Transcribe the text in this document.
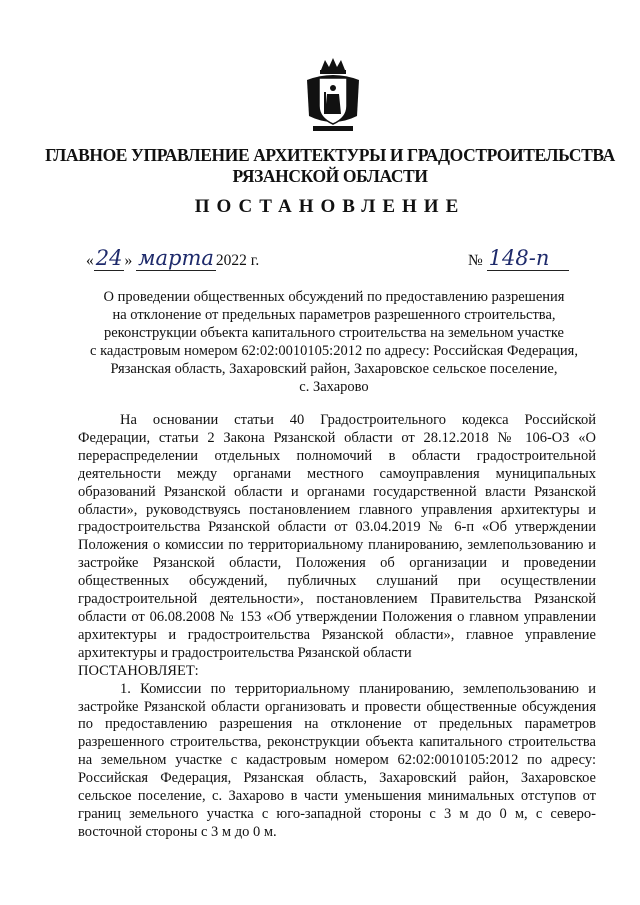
ГЛАВНОЕ УПРАВЛЕНИЕ АРХИТЕКТУРЫ И ГРАДОСТРОИТЕЛЬСТВА
РЯЗАНСКОЙ ОБЛАСТИ
ПОСТАНОВЛЕНИЕ
«24 » марта 2022 г.	№ 148-п
О проведении общественных обсуждений по предоставлению разрешения
на отклонение от предельных параметров разрешенного строительства,
реконструкции объекта капитального строительства на земельном участке
с кадастровым номером 62:02:0010105:2012 по адресу: Российская Федерация,
Рязанская область, Захаровский район, Захаровское сельское поселение,
с. Захарово

На основании статьи 40 Градостроительного кодекса Российской Федерации, статьи 2 Закона Рязанской области от 28.12.2018 № 106-ОЗ «О перераспределении отдельных полномочий в области градостроительной деятельности между органами местного самоуправления муниципальных образований Рязанской области и органами государственной власти Рязанской области», руководствуясь постановлением главного управления архитектуры и градостроительства Рязанской области от 03.04.2019 № 6-п «Об утверждении Положения о комиссии по территориальному планированию, землепользованию и застройке Рязанской области, Положения об организации и проведении общественных обсуждений, публичных слушаний при осуществлении градостроительной деятельности», постановлением Правительства Рязанской области от 06.08.2008 № 153 «Об утверждении Положения о главном управлении архитектуры и градостроительства Рязанской области», главное управление архитектуры и градостроительства Рязанской области

ПОСТАНОВЛЯЕТ:

1. Комиссии по территориальному планированию, землепользованию и застройке Рязанской области организовать и провести общественные обсуждения по предоставлению разрешения на отклонение от предельных параметров разрешенного строительства, реконструкции объекта капитального строительства на земельном участке с кадастровым номером 62:02:0010105:2012 по адресу: Российская Федерация, Рязанская область, Захаровский район, Захаровское сельское поселение, с. Захарово в части уменьшения минимальных отступов от границ земельного участка с юго-западной стороны с 3 м до 0 м, с северо-восточной стороны с 3 м до 0 м.
